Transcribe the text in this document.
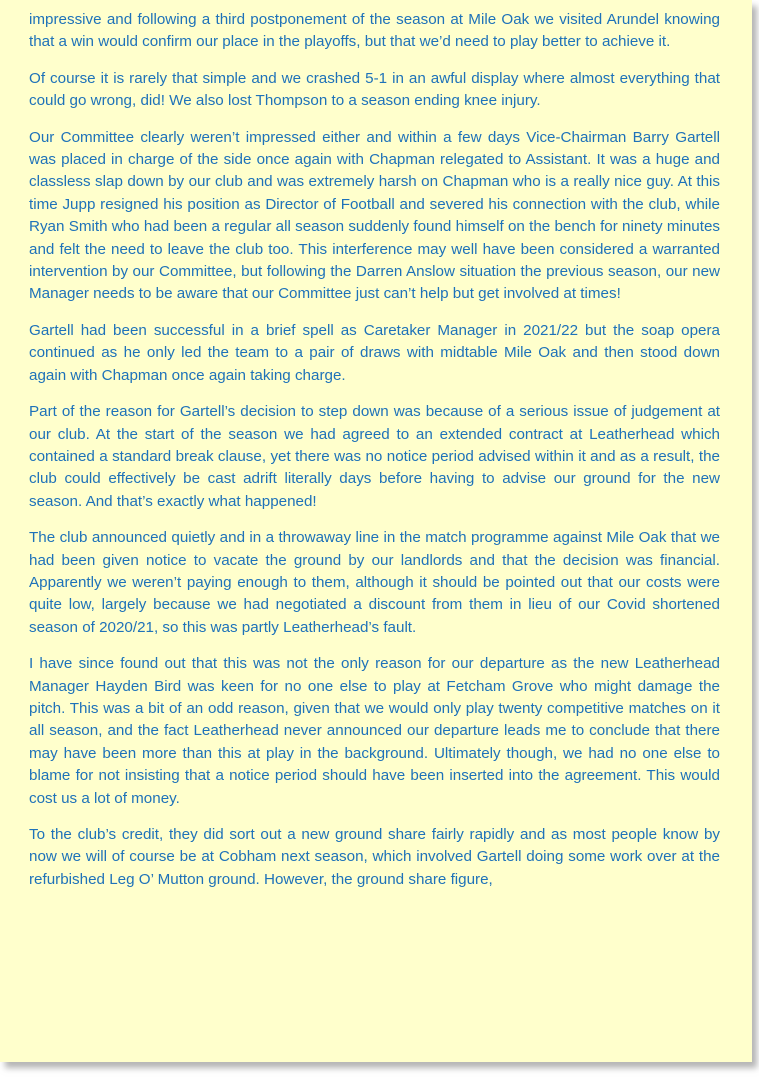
impressive and following a third postponement of the season at Mile Oak we visited Arundel knowing that a win would confirm our place in the playoffs, but that we’d need to play better to achieve it.

Of course it is rarely that simple and we crashed 5-1 in an awful display where almost everything that could go wrong, did! We also lost Thompson to a season ending knee injury.

Our Committee clearly weren’t impressed either and within a few days Vice-Chairman Barry Gartell was placed in charge of the side once again with Chapman relegated to Assistant. It was a huge and classless slap down by our club and was extremely harsh on Chapman who is a really nice guy. At this time Jupp resigned his position as Director of Football and severed his connection with the club, while Ryan Smith who had been a regular all season suddenly found himself on the bench for ninety minutes and felt the need to leave the club too. This interference may well have been considered a warranted intervention by our Committee, but following the Darren Anslow situation the previous season, our new Manager needs to be aware that our Committee just can’t help but get involved at times!

Gartell had been successful in a brief spell as Caretaker Manager in 2021/22 but the soap opera continued as he only led the team to a pair of draws with midtable Mile Oak and then stood down again with Chapman once again taking charge.

Part of the reason for Gartell’s decision to step down was because of a serious issue of judgement at our club. At the start of the season we had agreed to an extended contract at Leatherhead which contained a standard break clause, yet there was no notice period advised within it and as a result, the club could effectively be cast adrift literally days before having to advise our ground for the new season. And that’s exactly what happened!

The club announced quietly and in a throwaway line in the match programme against Mile Oak that we had been given notice to vacate the ground by our landlords and that the decision was financial. Apparently we weren’t paying enough to them, although it should be pointed out that our costs were quite low, largely because we had negotiated a discount from them in lieu of our Covid shortened season of 2020/21, so this was partly Leatherhead’s fault.

I have since found out that this was not the only reason for our departure as the new Leatherhead Manager Hayden Bird was keen for no one else to play at Fetcham Grove who might damage the pitch. This was a bit of an odd reason, given that we would only play twenty competitive matches on it all season, and the fact Leatherhead never announced our departure leads me to conclude that there may have been more than this at play in the background. Ultimately though, we had no one else to blame for not insisting that a notice period should have been inserted into the agreement. This would cost us a lot of money.

To the club’s credit, they did sort out a new ground share fairly rapidly and as most people know by now we will of course be at Cobham next season, which involved Gartell doing some work over at the refurbished Leg O’ Mutton ground. However, the ground share figure,
